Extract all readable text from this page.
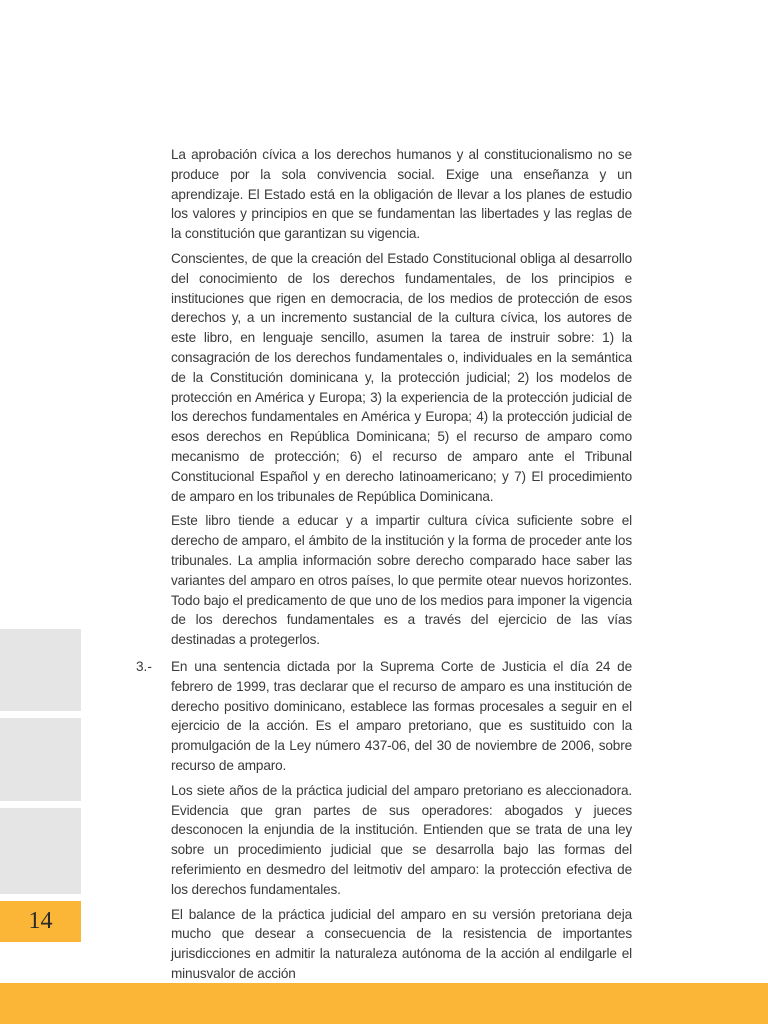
14

La aprobación cívica a los derechos humanos y al constitucionalismo no se produce por la sola convivencia social. Exige una enseñanza y un aprendizaje. El Estado está en la obligación de llevar a los planes de estudio los valores y principios en que se fundamentan las libertades y las reglas de la constitución que garantizan su vigencia.

Conscientes, de que la creación del Estado Constitucional obliga al desarrollo del conocimiento de los derechos fundamentales, de los principios e instituciones que rigen en democracia, de los medios de protección de esos derechos y, a un incremento sustancial de la cultura cívica, los autores de este libro, en lenguaje sencillo, asumen la tarea de instruir sobre: 1) la consagración de los derechos fundamentales o, individuales en la semántica de la Constitución dominicana y, la protección judicial; 2) los modelos de protección en América y Europa; 3) la experiencia de la protección judicial de los derechos fundamentales en América y Europa; 4) la protección judicial de esos derechos en República Dominicana; 5) el recurso de amparo como mecanismo de protección; 6) el recurso de amparo ante el Tribunal Constitucional Español y en derecho latinoamericano; y 7) El procedimiento de amparo en los tribunales de República Dominicana.

Este libro tiende a educar y a impartir cultura cívica suficiente sobre el derecho de amparo, el ámbito de la institución y la forma de proceder ante los tribunales. La amplia información sobre derecho comparado hace saber las variantes del amparo en otros países, lo que permite otear nuevos horizontes. Todo bajo el predicamento de que uno de los medios para imponer la vigencia de los derechos fundamentales es a través del ejercicio de las vías destinadas a protegerlos.

3.- En una sentencia dictada por la Suprema Corte de Justicia el día 24 de febrero de 1999, tras declarar que el recurso de amparo es una institución de derecho positivo dominicano, establece las formas procesales a seguir en el ejercicio de la acción. Es el amparo pretoriano, que es sustituido con la promulgación de la Ley número 437-06, del 30 de noviembre de 2006, sobre recurso de amparo.

Los siete años de la práctica judicial del amparo pretoriano es aleccionadora. Evidencia que gran partes de sus operadores: abogados y jueces desconocen la enjundia de la institución. Entienden que se trata de una ley sobre un procedimiento judicial que se desarrolla bajo las formas del referimiento en desmedro del leitmotiv del amparo: la protección efectiva de los derechos fundamentales.

El balance de la práctica judicial del amparo en su versión pretoriana deja mucho que desear a consecuencia de la resistencia de importantes jurisdicciones en admitir la naturaleza autónoma de la acción al endilgarle el minusvalor de acción
